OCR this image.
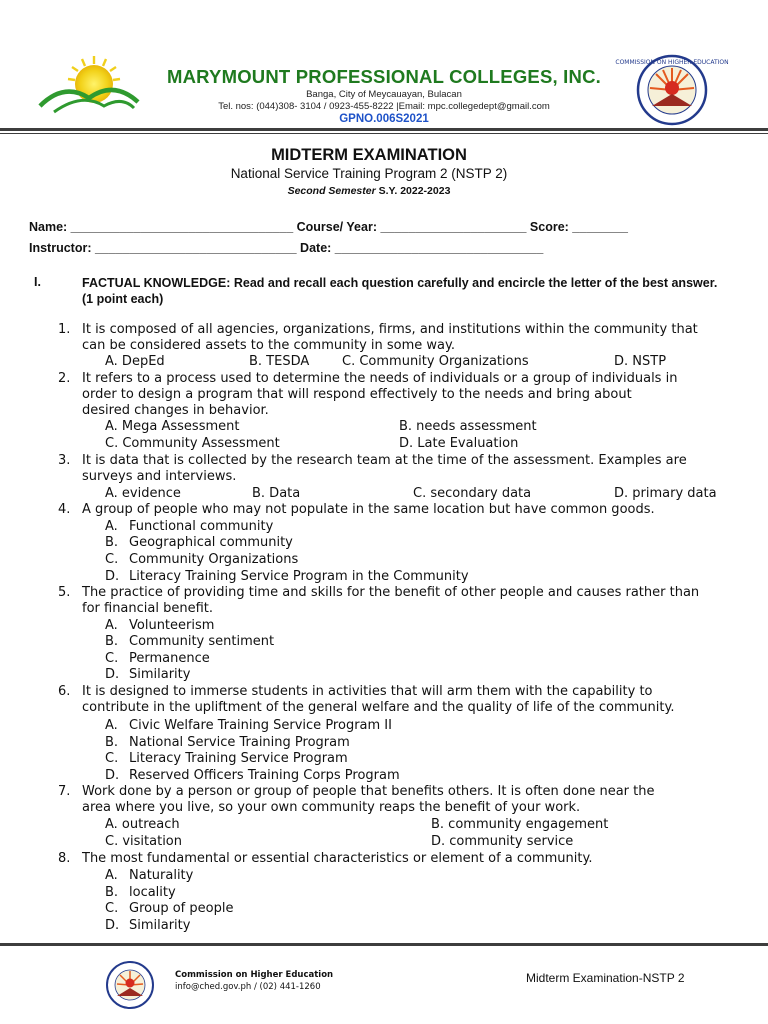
COMMISSION ON HIGHER EDUCATION
MARYMOUNT PROFESSIONAL COLLEGES, INC.
Banga, City of Meycauayan, Bulacan
Tel. nos: (044)308- 3104 / 0923-455-8222 |Email: mpc.collegedept@gmail.com
GPNO.006S2021
MIDTERM EXAMINATION
National Service Training Program 2 (NSTP 2)
Second Semester S.Y. 2022-2023
Name: ________________________________ Course/ Year: _____________________ Score: ________
Instructor: _____________________________ Date: ______________________________
I.	FACTUAL KNOWLEDGE: Read and recall each question carefully and encircle the letter of the best answer. (1 point each)
1. It is composed of all agencies, organizations, firms, and institutions within the community that
can be considered assets to the community in some way.
A. DepEd	B. TESDA	C. Community Organizations	D. NSTP
2. It refers to a process used to determine the needs of individuals or a group of individuals in
order to design a program that will respond effectively to the needs and bring about
desired changes in behavior.
A. Mega Assessment	B. needs assessment
C. Community Assessment	D. Late Evaluation
3. It is data that is collected by the research team at the time of the assessment. Examples are
surveys and interviews.
A. evidence	B. Data	C. secondary data	D. primary data
4. A group of people who may not populate in the same location but have common goods.
A. Functional community
B. Geographical community
C. Community Organizations
D. Literacy Training Service Program in the Community
5. The practice of providing time and skills for the benefit of other people and causes rather than
for financial benefit.
A. Volunteerism
B. Community sentiment
C. Permanence
D. Similarity
6. It is designed to immerse students in activities that will arm them with the capability to
contribute in the upliftment of the general welfare and the quality of life of the community.
A. Civic Welfare Training Service Program II
B. National Service Training Program
C. Literacy Training Service Program
D. Reserved Officers Training Corps Program
7. Work done by a person or group of people that benefits others. It is often done near the
area where you live, so your own community reaps the benefit of your work.
A. outreach	B. community engagement
C. visitation	D. community service
8. The most fundamental or essential characteristics or element of a community.
A. Naturality
B. locality
C. Group of people
D. Similarity
Commission on Higher Education
info@ched.gov.ph / (02) 441-1260
Midterm Examination-NSTP 2
